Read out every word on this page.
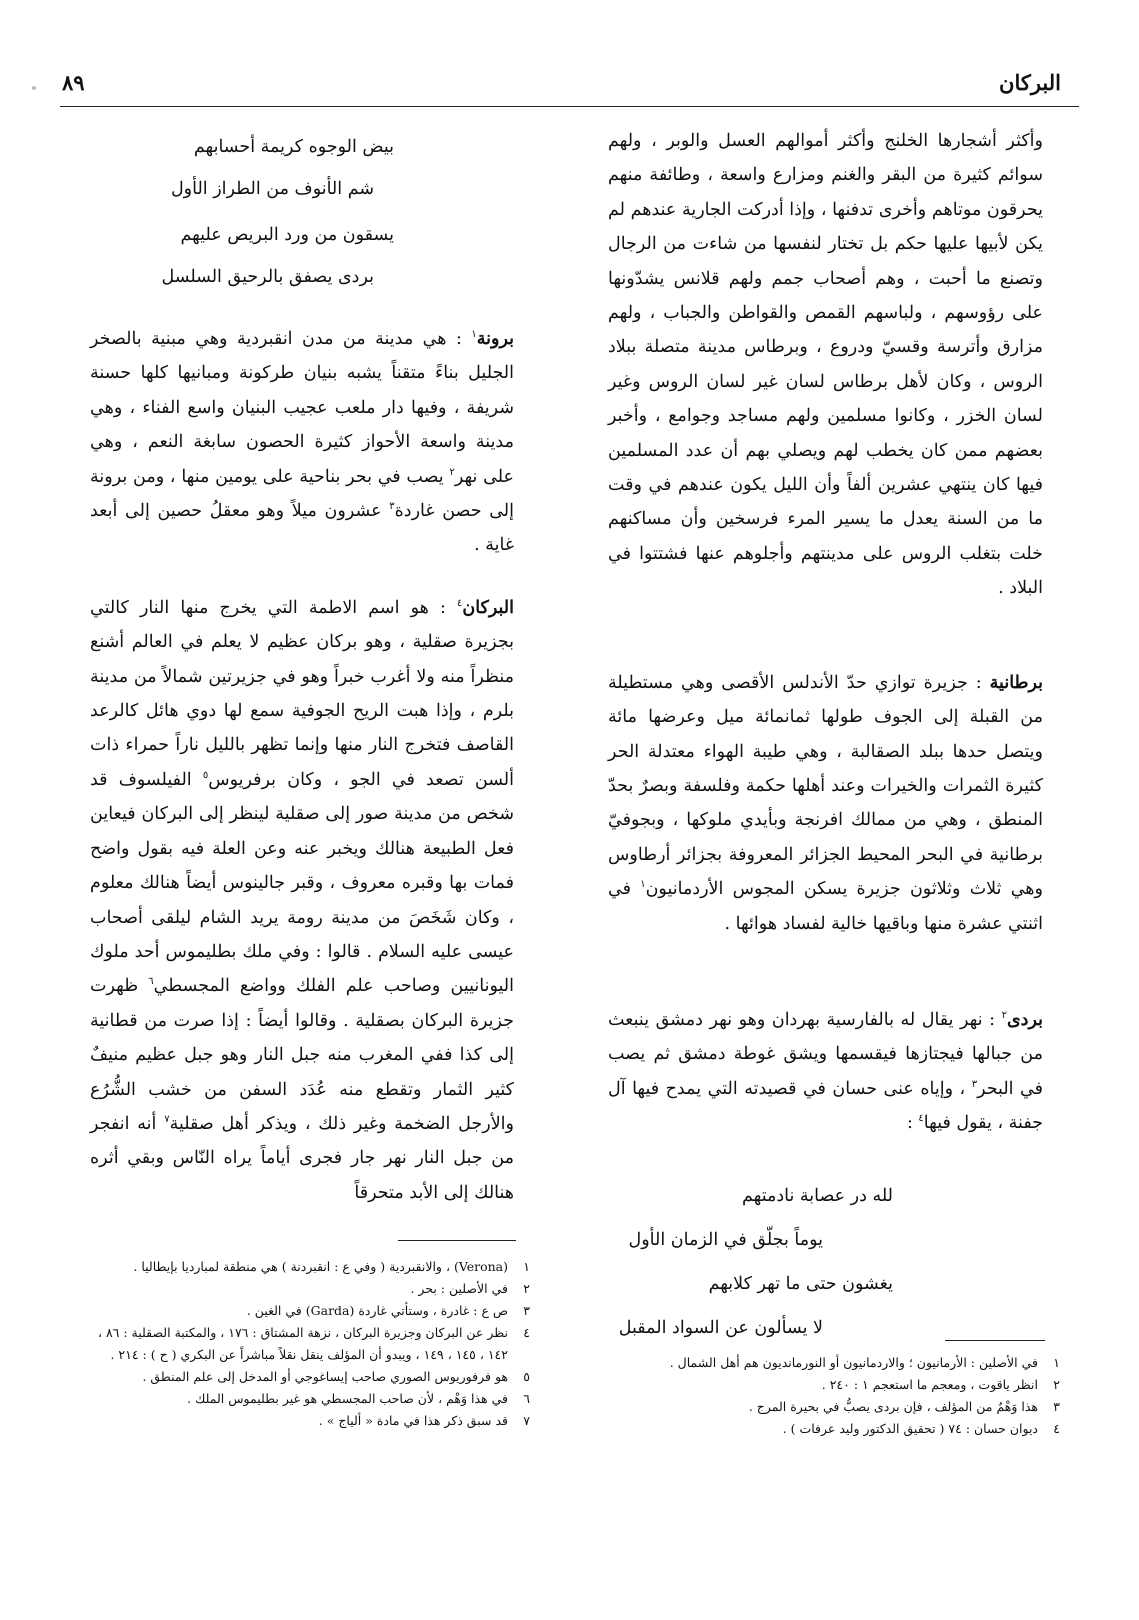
البركان
٨٩

وأكثر أشجارها الخلنج وأكثر أموالهم العسل والوبر ، ولهم سوائم كثيرة من البقر والغنم ومزارع واسعة ، وطائفة منهم يحرقون موتاهم وأخرى تدفنها ، وإذا أدركت الجارية عندهم لم يكن لأبيها عليها حكم بل تختار لنفسها من شاءت من الرجال وتصنع ما أحبت ، وهم أصحاب جمم ولهم قلانس يشدّونها على رؤوسهم ، ولباسهم القمص والقواطن والجباب ، ولهم مزارق وأترسة وقسيّ ودروع ، وبرطاس مدينة متصلة ببلاد الروس ، وكان لأهل برطاس لسان غير لسان الروس وغير لسان الخزر ، وكانوا مسلمين ولهم مساجد وجوامع ، وأخبر بعضهم ممن كان يخطب لهم ويصلي بهم أن عدد المسلمين فيها كان ينتهي عشرين ألفاً وأن الليل يكون عندهم في وقت ما من السنة يعدل ما يسير المرء فرسخين وأن مساكنهم خلت بتغلب الروس على مدينتهم وأجلوهم عنها فشتتوا في البلاد .

برطانية : جزيرة توازي حدّ الأندلس الأقصى وهي مستطيلة من القبلة إلى الجوف طولها ثمانمائة ميل وعرضها مائة ويتصل حدها ببلد الصقالبة ، وهي طيبة الهواء معتدلة الحر كثيرة الثمرات والخيرات وعند أهلها حكمة وفلسفة وبصرٌ بحدّ المنطق ، وهي من ممالك افرنجة وبأيدي ملوكها ، وبجوفيّ برطانية في البحر المحيط الجزائر المعروفة بجزائر أرطاوس وهي ثلاث وثلاثون جزيرة يسكن المجوس الأردمانيون$^١$ في اثنتي عشرة منها وباقيها خالية لفساد هوائها .

بردى$^٢$ : نهر يقال له بالفارسية بهردان وهو نهر دمشق ينبعث من جبالها فيجتازها فيقسمها ويشق غوطة دمشق ثم يصب في البحر$^٣$ ، وإياه عنى حسان في قصيدته التي يمدح فيها آل جفنة ، يقول فيها$^٤$ :

لله در عصابة نادمتهم
يوماً بجلّق في الزمان الأول
يغشون حتى ما تهر كلابهم
لا يسألون عن السواد المقبل
بيض الوجوه كريمة أحسابهم
شم الأنوف من الطراز الأول
يسقون من ورد البريص عليهم
بردى يصفق بالرحيق السلسل

برونة$^١$ : هي مدينة من مدن انقبردية وهي مبنية بالصخر الجليل بناءً متقناً يشبه بنيان طركونة ومبانيها كلها حسنة شريفة ، وفيها دار ملعب عجيب البنيان واسع الفناء ، وهي مدينة واسعة الأحواز كثيرة الحصون سابغة النعم ، وهي على نهر$^٢$ يصب في بحر بناحية على يومين منها ، ومن برونة إلى حصن غاردة$^٣$ عشرون ميلاً وهو معقلُ حصين إلى أبعد غاية .

البركان$^٤$ : هو اسم الاطمة التي يخرج منها النار كالتي بجزيرة صقلية ، وهو بركان عظيم لا يعلم في العالم أشنع منظراً منه ولا أغرب خبراً وهو في جزيرتين شمالاً من مدينة بلرم ، وإذا هبت الريح الجوفية سمع لها دوي هائل كالرعد القاصف فتخرج النار منها وإنما تظهر بالليل ناراً حمراء ذات ألسن تصعد في الجو ، وكان برفريوس$^٥$ الفيلسوف قد شخص من مدينة صور إلى صقلية لينظر إلى البركان فيعاين فعل الطبيعة هنالك ويخبر عنه وعن العلة فيه بقول واضح فمات بها وقبره معروف ، وقبر جالينوس أيضاً هنالك معلوم ، وكان شَخَصَ من مدينة رومة يريد الشام ليلقى أصحاب عيسى عليه السلام . قالوا : وفي ملك بطليموس أحد ملوك اليونانيين وصاحب علم الفلك وواضع المجسطي$^٦$ ظهرت جزيرة البركان بصقلية . وقالوا أيضاً : إذا صرت من قطانية إلى كذا ففي المغرب منه جبل النار وهو جبل عظيم منيفٌ كثير الثمار وتقطع منه عُدَد السفن من خشب الشُّرُع والأرجل الضخمة وغير ذلك ، ويذكر أهل صقلية$^٧$ أنه انفجر من جبل النار نهر جار فجرى أياماً يراه النّاس وبقي أثره هنالك إلى الأبد متحرقاً

١
(Verona) ، والانقبردية ( وفي ع : انقبردنة ) هي منطقة لمبارديا بإيطاليا .
٢
في الأصلين : بحر .
٣
ص ع : غادرة ، وستأتي غاردة (Garda) في الغين .
٤
نظر عن البركان وجزيرة البركان ، نزهة المشتاق : ١٧٦ ، والمكتبة الصقلية : ٨٦ ،
١٤٢ ، ١٤٥ ، ١٤٩ ، ويبدو أن المؤلف ينقل نقلاً مباشراً عن البكري ( ح ) : ٢١٤ .
٥
هو فرفوريوس الصوري صاحب إيساغوجي أو المدخل إلى علم المنطق .
٦
في هذا وَهْم ، لأن صاحب المجسطي هو غير بطليموس الملك .
٧
قد سبق ذكر هذا في مادة « ألياج » .
١
في الأصلين : الأرمانيون ؛ والاردمانيون أو النورمانديون هم أهل الشمال .
٢
انظر ياقوت ، ومعجم ما استعجم ١ : ٢٤٠ .
٣
هذا وَهْمٌ من المؤلف ، فإن بردى يصبُّ في بحيرة المرج .
٤
ديوان حسان : ٧٤ ( تحقيق الدكتور وليد عرفات ) .
